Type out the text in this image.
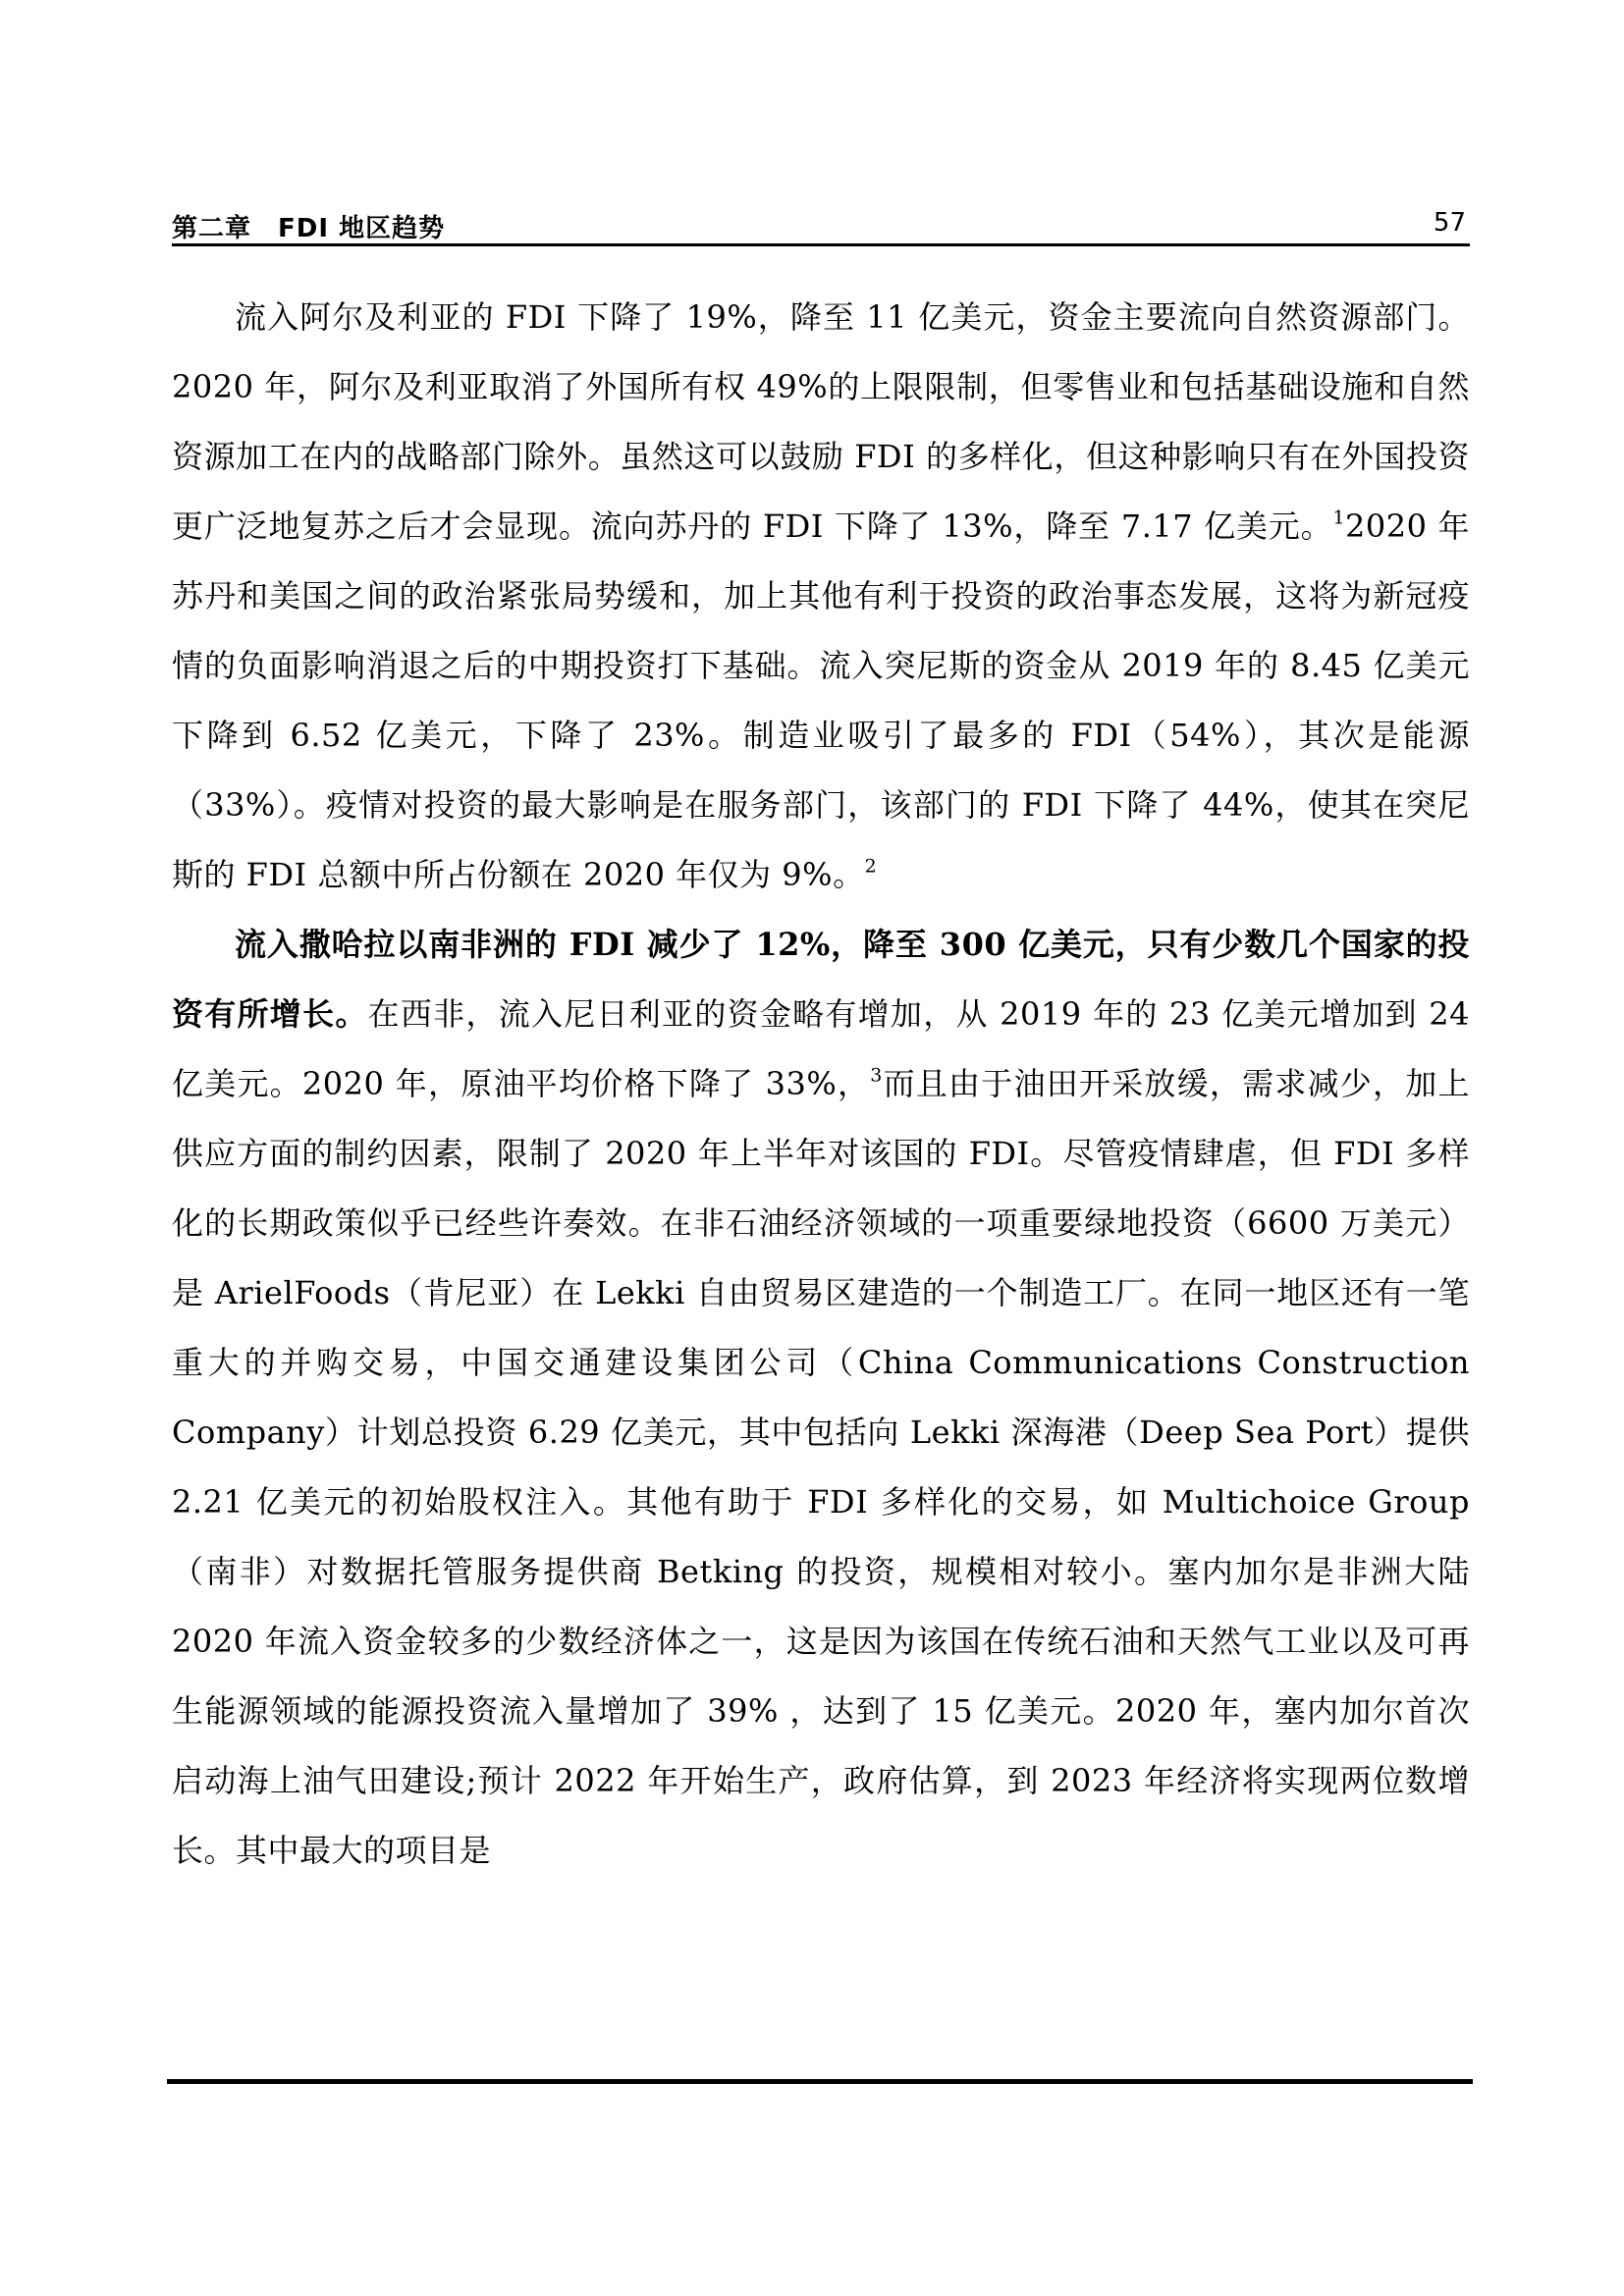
第二章　FDI 地区趋势	57

流入阿尔及利亚的 FDI 下降了 19%，降至 11 亿美元，资金主要流向自然资源部门。2020 年，阿尔及利亚取消了外国所有权 49%的上限限制，但零售业和包括基础设施和自然资源加工在内的战略部门除外。虽然这可以鼓励 FDI 的多样化，但这种影响只有在外国投资更广泛地复苏之后才会显现。流向苏丹的 FDI 下降了 13%，降至 7.17 亿美元。$^1$2020 年苏丹和美国之间的政治紧张局势缓和，加上其他有利于投资的政治事态发展，这将为新冠疫情的负面影响消退之后的中期投资打下基础。流入突尼斯的资金从 2019 年的 8.45 亿美元下降到 6.52 亿美元，下降了 23%。制造业吸引了最多的 FDI（54%），其次是能源（33%）。疫情对投资的最大影响是在服务部门，该部门的 FDI 下降了 44%，使其在突尼斯的 FDI 总额中所占份额在 2020 年仅为 9%。$^2$

流入撒哈拉以南非洲的 FDI 减少了 12%，降至 300 亿美元，只有少数几个国家的投资有所增长。在西非，流入尼日利亚的资金略有增加，从 2019 年的 23 亿美元增加到 24 亿美元。2020 年，原油平均价格下降了 33%，$^3$而且由于油田开采放缓，需求减少，加上供应方面的制约因素，限制了 2020 年上半年对该国的 FDI。尽管疫情肆虐，但 FDI 多样化的长期政策似乎已经些许奏效。在非石油经济领域的一项重要绿地投资（6600 万美元）是 ArielFoods（肯尼亚）在 Lekki 自由贸易区建造的一个制造工厂。在同一地区还有一笔重大的并购交易，中国交通建设集团公司（China Communications Construction Company）计划总投资 6.29 亿美元，其中包括向 Lekki 深海港（Deep Sea Port）提供 2.21 亿美元的初始股权注入。其他有助于 FDI 多样化的交易，如 Multichoice Group（南非）对数据托管服务提供商 Betking 的投资，规模相对较小。塞内加尔是非洲大陆 2020 年流入资金较多的少数经济体之一，这是因为该国在传统石油和天然气工业以及可再生能源领域的能源投资流入量增加了 39% ，达到了 15 亿美元。2020 年，塞内加尔首次启动海上油气田建设;预计 2022 年开始生产，政府估算，到 2023 年经济将实现两位数增长。其中最大的项目是
